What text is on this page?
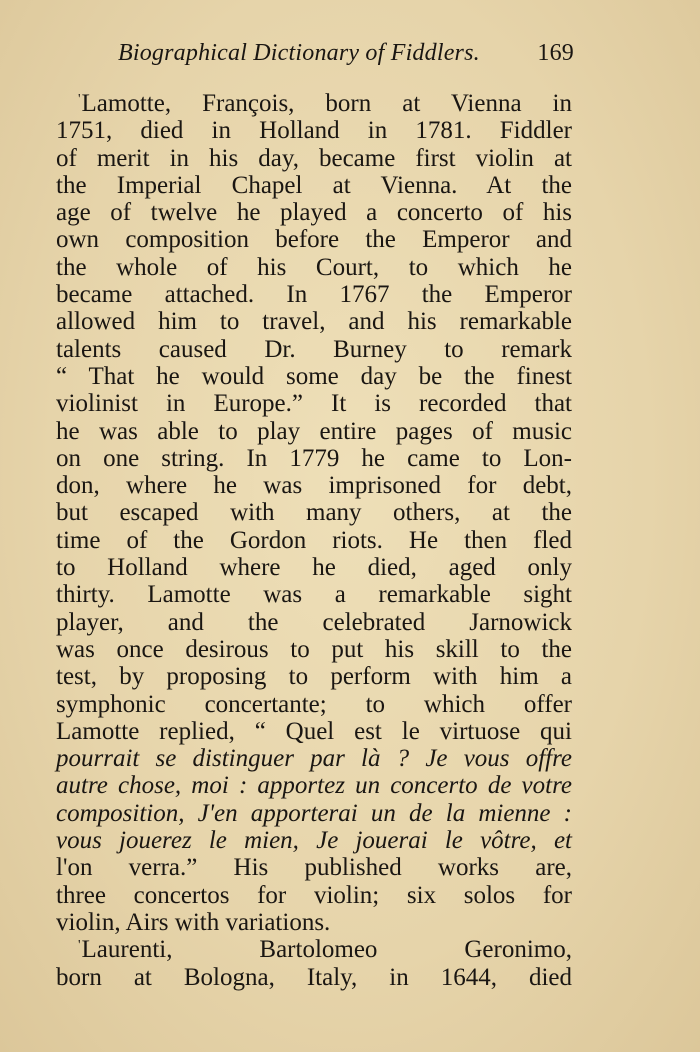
Biographical Dictionary of Fiddlers. 169
'Lamotte, François, born at Vienna in
1751, died in Holland in 1781. Fiddler
of merit in his day, became first violin at
the Imperial Chapel at Vienna. At the
age of twelve he played a concerto of his
own composition before the Emperor and
the whole of his Court, to which he
became attached. In 1767 the Emperor
allowed him to travel, and his remarkable
talents caused Dr. Burney to remark
“ That he would some day be the finest
violinist in Europe.” It is recorded that
he was able to play entire pages of music
on one string. In 1779 he came to Lon-
don, where he was imprisoned for debt,
but escaped with many others, at the
time of the Gordon riots. He then fled
to Holland where he died, aged only
thirty. Lamotte was a remarkable sight
player, and the celebrated Jarnowick
was once desirous to put his skill to the
test, by proposing to perform with him a
symphonic concertante; to which offer
Lamotte replied, “ Quel est le virtuose qui
pourrait se distinguer par là ? Je vous offre
autre chose, moi : apportez un concerto de votre
composition, J'en apporterai un de la mienne :
vous jouerez le mien, Je jouerai le vôtre, et
l'on verra.” His published works are,
three concertos for violin; six solos for
violin, Airs with variations.
'Laurenti, Bartolomeo Geronimo,
born at Bologna, Italy, in 1644, died
